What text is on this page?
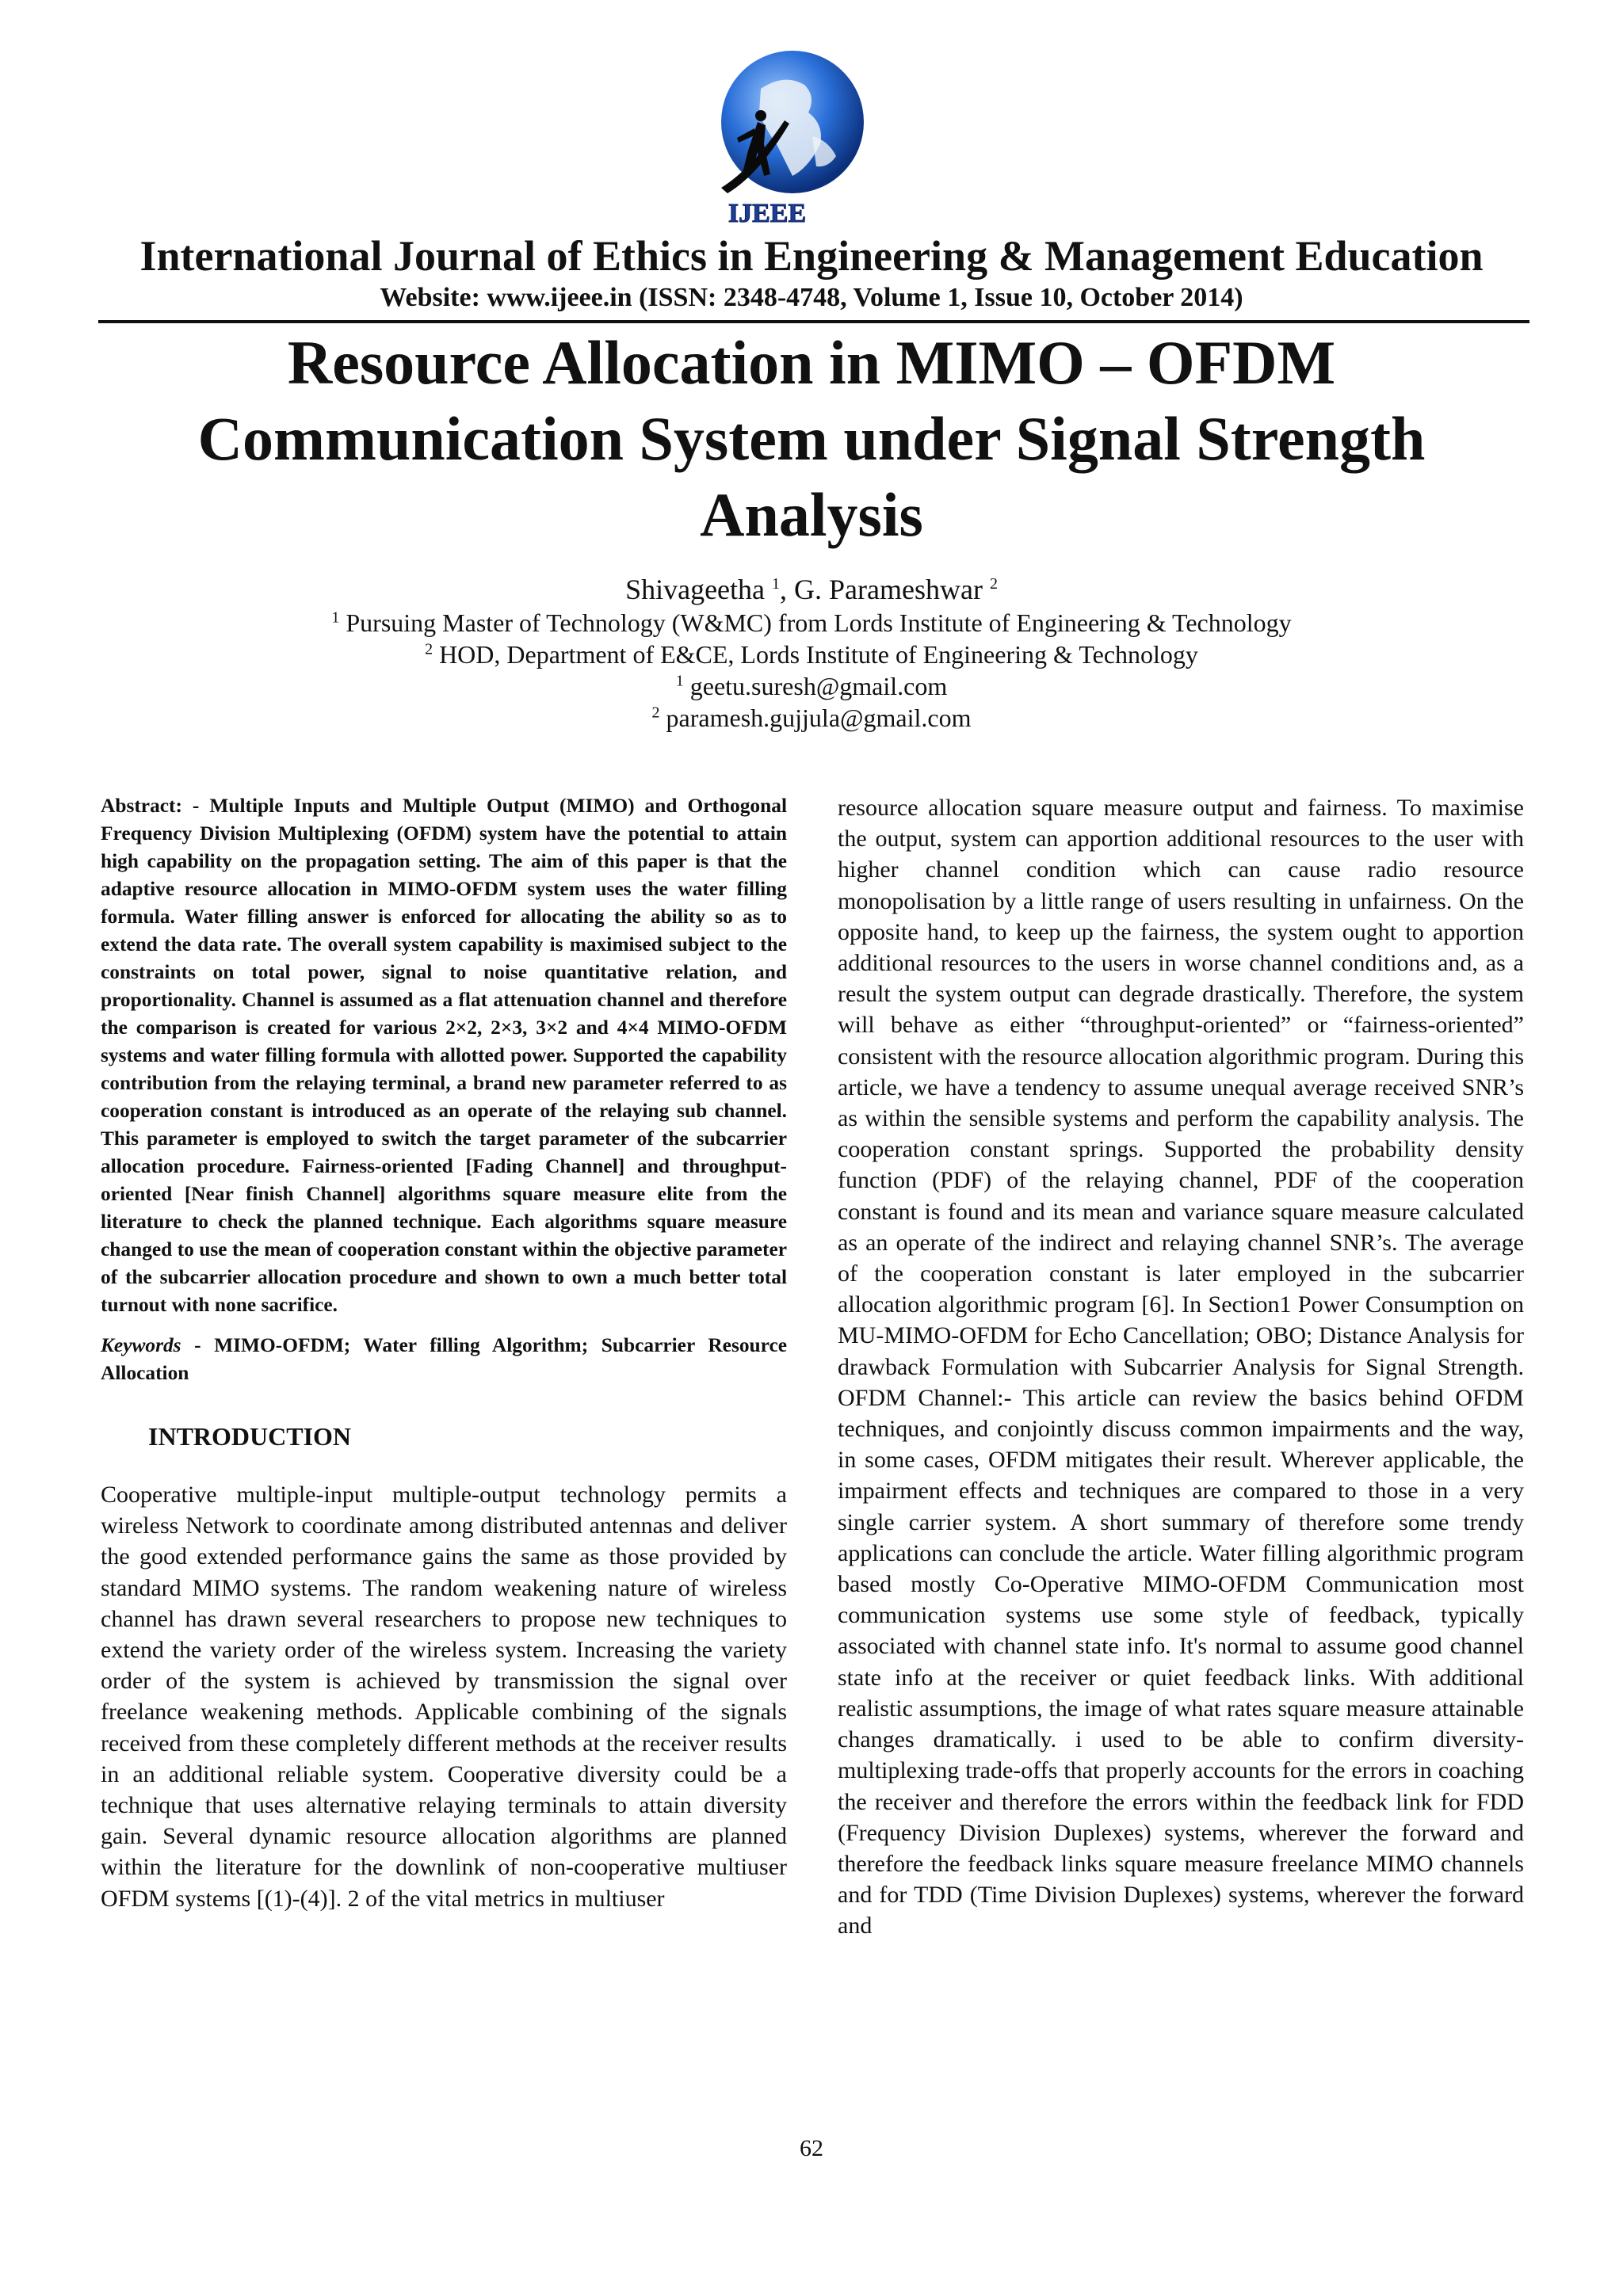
IJEEE
International Journal of Ethics in Engineering & Management Education
Website: www.ijeee.in (ISSN: 2348-4748, Volume 1, Issue 10, October 2014)
Resource Allocation in MIMO – OFDM
Communication System under Signal Strength
Analysis
Shivageetha $^1$, G. Parameshwar $^2$
$^1$ Pursuing Master of Technology (W&MC) from Lords Institute of Engineering & Technology
$^2$ HOD, Department of E&CE, Lords Institute of Engineering & Technology
$^1$ geetu.suresh@gmail.com
$^2$ paramesh.gujjula@gmail.com

Abstract: - Multiple Inputs and Multiple Output (MIMO) and Orthogonal Frequency Division Multiplexing (OFDM) system have the potential to attain high capability on the propagation setting. The aim of this paper is that the adaptive resource allocation in MIMO-OFDM system uses the water filling formula. Water filling answer is enforced for allocating the ability so as to extend the data rate. The overall system capability is maximised subject to the constraints on total power, signal to noise quantitative relation, and proportionality. Channel is assumed as a flat attenuation channel and therefore the comparison is created for various 2×2, 2×3, 3×2 and 4×4 MIMO-OFDM systems and water filling formula with allotted power. Supported the capability contribution from the relaying terminal, a brand new parameter referred to as cooperation constant is introduced as an operate of the relaying sub channel. This parameter is employed to switch the target parameter of the subcarrier allocation procedure. Fairness-oriented [Fading Channel] and throughput-oriented [Near finish Channel] algorithms square measure elite from the literature to check the planned technique. Each algorithms square measure changed to use the mean of cooperation constant within the objective parameter of the subcarrier allocation procedure and shown to own a much better total turnout with none sacrifice.

Keywords - MIMO-OFDM; Water filling Algorithm; Subcarrier Resource Allocation

INTRODUCTION

Cooperative multiple-input multiple-output technology permits a wireless Network to coordinate among distributed antennas and deliver the good extended performance gains the same as those provided by standard MIMO systems. The random weakening nature of wireless channel has drawn several researchers to propose new techniques to extend the variety order of the wireless system. Increasing the variety order of the system is achieved by transmission the signal over freelance weakening methods. Applicable combining of the signals received from these completely different methods at the receiver results in an additional reliable system. Cooperative diversity could be a technique that uses alternative relaying terminals to attain diversity gain. Several dynamic resource allocation algorithms are planned within the literature for the downlink of non-cooperative multiuser OFDM systems [(1)-(4)]. 2 of the vital metrics in multiuser

resource allocation square measure output and fairness. To maximise the output, system can apportion additional resources to the user with higher channel condition which can cause radio resource monopolisation by a little range of users resulting in unfairness. On the opposite hand, to keep up the fairness, the system ought to apportion additional resources to the users in worse channel conditions and, as a result the system output can degrade drastically. Therefore, the system will behave as either “throughput-oriented” or “fairness-oriented” consistent with the resource allocation algorithmic program. During this article, we have a tendency to assume unequal average received SNR’s as within the sensible systems and perform the capability analysis. The cooperation constant springs. Supported the probability density function (PDF) of the relaying channel, PDF of the cooperation constant is found and its mean and variance square measure calculated as an operate of the indirect and relaying channel SNR’s. The average of the cooperation constant is later employed in the subcarrier allocation algorithmic program [6]. In Section1 Power Consumption on MU-MIMO-OFDM for Echo Cancellation; OBO; Distance Analysis for drawback Formulation with Subcarrier Analysis for Signal Strength. OFDM Channel:- This article can review the basics behind OFDM techniques, and conjointly discuss common impairments and the way, in some cases, OFDM mitigates their result. Wherever applicable, the impairment effects and techniques are compared to those in a very single carrier system. A short summary of therefore some trendy applications can conclude the article. Water filling algorithmic program based mostly Co-Operative MIMO-OFDM Communication most communication systems use some style of feedback, typically associated with channel state info. It's normal to assume good channel state info at the receiver or quiet feedback links. With additional realistic assumptions, the image of what rates square measure attainable changes dramatically. i used to be able to confirm diversity-multiplexing trade-offs that properly accounts for the errors in coaching the receiver and therefore the errors within the feedback link for FDD (Frequency Division Duplexes) systems, wherever the forward and therefore the feedback links square measure freelance MIMO channels and for TDD (Time Division Duplexes) systems, wherever the forward and

62
